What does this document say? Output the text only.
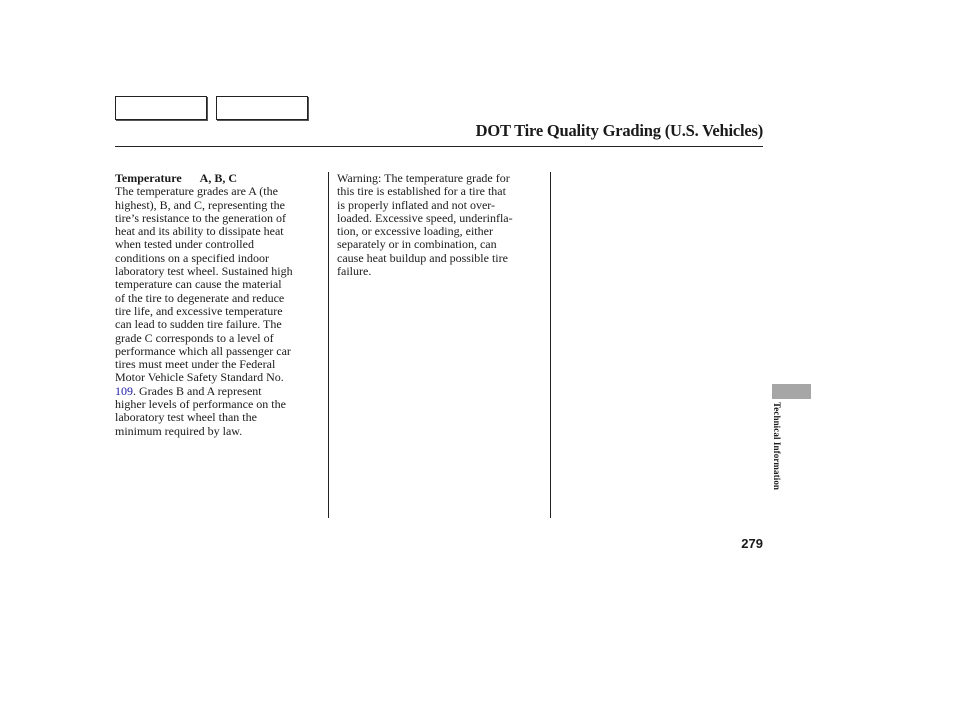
DOT Tire Quality Grading (U.S. Vehicles)
Temperature A, B, C
The temperature grades are A (the
highest), B, and C, representing the
tire’s resistance to the generation of
heat and its ability to dissipate heat
when tested under controlled
conditions on a specified indoor
laboratory test wheel. Sustained high
temperature can cause the material
of the tire to degenerate and reduce
tire life, and excessive temperature
can lead to sudden tire failure. The
grade C corresponds to a level of
performance which all passenger car
tires must meet under the Federal
Motor Vehicle Safety Standard No.
109. Grades B and A represent
higher levels of performance on the
laboratory test wheel than the
minimum required by law.
Warning: The temperature grade for
this tire is established for a tire that
is properly inflated and not over-
loaded. Excessive speed, underinfla-
tion, or excessive loading, either
separately or in combination, can
cause heat buildup and possible tire
failure.
Technical Information
279
